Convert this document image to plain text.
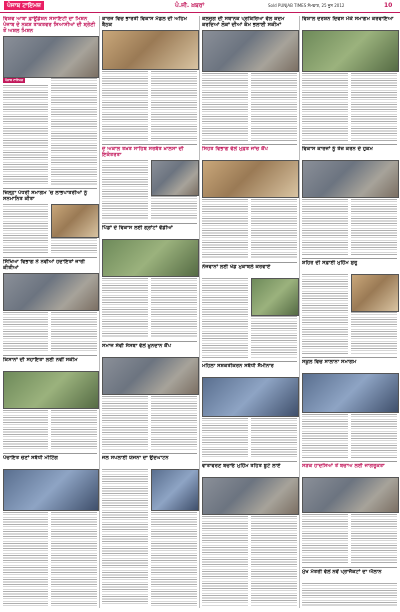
ਪੰਜਾਬ ਟਾਇਮਜ਼	ਪੰ.ਜੀ. ਖ਼ਬਰਾਂ	Sold PUNJAB TIMES ਸੋਮਵਾਰ, 25 ਜੂਨ 2012	10
ਵਿਸ਼ਵ ਆਬਾ ਫ਼ਾਊਂਡੇਸ਼ਨ ਸੋਸਾਇਟੀ ਦਾ ਮਿਸ਼ਨ ਪੰਜਾਬ ਦੇ ਨਕਸ਼ ਤਾਕਤਵਰ ਸਿਆਸੀਆਂ ਦੀ ਸ਼੍ਰੇਣੀ ਤੋਂ ਅਸ਼ਲ ਮਿਸ਼ਨ
ਪੰਜਾਬ ਟਾਇਮਜ਼
ਜ਼ਿਲ੍ਹਾ ਪੱਧਰੀ ਸਮਾਗਮ 'ਚ ਲਾਭਪਾਤਰੀਆਂ ਨੂੰ ਸਨਮਾਨਿਤ ਕੀਤਾ
ਸਿੱਖਿਆ ਵਿਭਾਗ ਨੇ ਨਵੀਆਂ ਹਦਾਇਤਾਂ ਜਾਰੀ ਕੀਤੀਆਂ
ਕਿਸਾਨਾਂ ਦੀ ਸਹਾਇਤਾ ਲਈ ਨਵੀਂ ਸਕੀਮ
ਪੰਚਾਇਤ ਚੋਣਾਂ ਸਬੰਧੀ ਮੀਟਿੰਗ
ਕਾਰਜ ਵਿਚ ਭਾਰਤੀ ਵਿਕਾਸ ਮੰਡਲ ਦੀ ਅਹਿਮ ਬੈਠਕ
ਦੋ ਅਕਾਲ ਤਖ਼ਤ ਸਾਹਿਬ ਸਰਬੱਤ ਖ਼ਾਲਸਾ ਦੀ ਇਕੱਤਰਤਾ
ਪਿੰਡਾਂ ਦੇ ਵਿਕਾਸ ਲਈ ਗ੍ਰਾਂਟਾਂ ਵੰਡੀਆਂ
ਸਮਾਜ ਸੇਵੀ ਸੰਸਥਾ ਵੱਲੋਂ ਖ਼ੂਨਦਾਨ ਕੈਂਪ
ਜਲ ਸਪਲਾਈ ਯੋਜਨਾ ਦਾ ਉਦਘਾਟਨ
ਕਲਜੁਗ ਦੀ ਸਥਾਨਕ ਪ੍ਰਕਿਰਿਆ ਵੱਲ ਕਦਮ ਕਰਦਿਆਂ ਲੋਕਾਂ ਦੀਆਂ ਕੰਮ ਭਲਾਈ ਸਕੀਮਾਂ
ਸਿਹਤ ਵਿਭਾਗ ਵੱਲੋਂ ਮੁਫ਼ਤ ਜਾਂਚ ਕੈਂਪ
ਨੌਜਵਾਨਾਂ ਲਈ ਖੇਡ ਮੁਕਾਬਲੇ ਕਰਵਾਏ
ਮਹਿਲਾ ਸਸ਼ਕਤੀਕਰਨ ਸਬੰਧੀ ਸੈਮੀਨਾਰ
ਵਾਤਾਵਰਣ ਬਚਾਓ ਮੁਹਿੰਮ ਤਹਿਤ ਬੂਟੇ ਲਾਏ
ਵਿਸ਼ਾਲ ਦਰਸ਼ਨ ਦਿਵਸ ਮੌਕੇ ਸਮਾਗਮ ਕਰਵਾਇਆ
ਵਿਕਾਸ ਕਾਰਜਾਂ ਨੂੰ ਤੇਜ਼ ਕਰਨ ਦੇ ਹੁਕਮ
ਸ਼ਹਿਰ ਦੀ ਸਫ਼ਾਈ ਮੁਹਿੰਮ ਸ਼ੁਰੂ
ਸਕੂਲ ਵਿਚ ਸਾਲਾਨਾ ਸਮਾਗਮ
ਸੜਕ ਹਾਦਸਿਆਂ ਤੋਂ ਬਚਾਅ ਲਈ ਜਾਗਰੂਕਤਾ
ਮੁੱਖ ਮੰਤਰੀ ਵੱਲੋਂ ਨਵੇਂ ਪ੍ਰਾਜੈਕਟਾਂ ਦਾ ਐਲਾਨ
